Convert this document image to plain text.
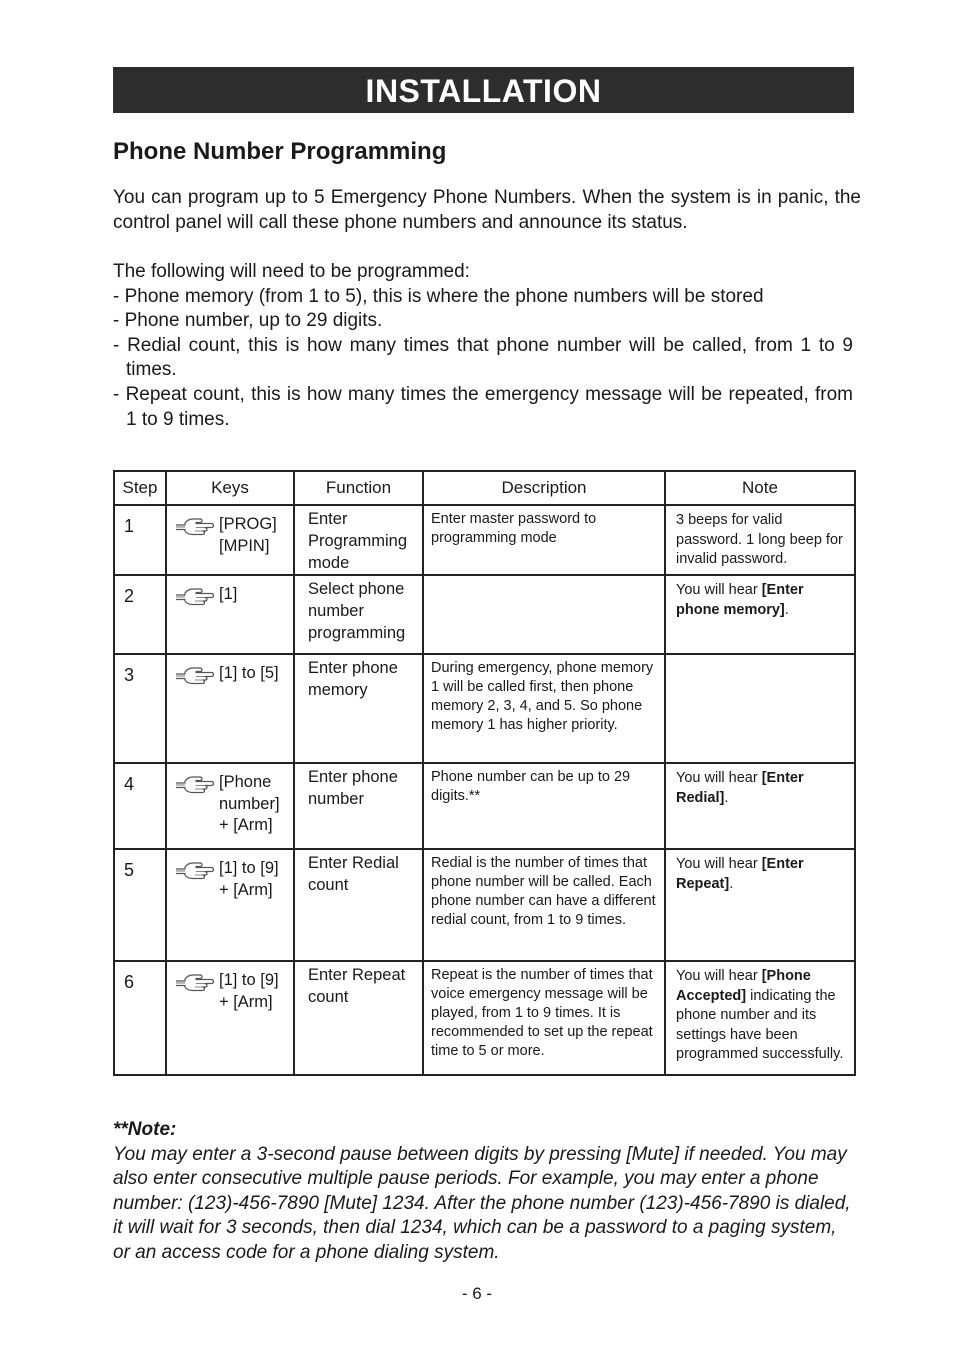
INSTALLATION
Phone Number Programming

You can program up to 5 Emergency Phone Numbers. When the system is in panic, the control panel will call these phone numbers and announce its status.

The following will need to be programmed:

- Phone memory (from 1 to 5), this is where the phone numbers will be stored
- Phone number, up to 29 digits.
- Redial count, this is how many times that phone number will be called, from 1 to 9 times.
- Repeat count, this is how many times the emergency message will be repeated, from 1 to 9 times.
Step	Keys	Function	Description	Note

1	[PROG]
[MPIN]	Enter Programming mode	Enter master password to programming mode	3 beeps for valid password. 1 long beep for invalid password.

2	[1]	Select phone number programming		You will hear [Enter phone memory].

3	[1] to [5]	Enter phone memory	During emergency, phone memory 1 will be called first, then phone memory 2, 3, 4, and 5. So phone memory 1 has higher priority.	

4	[Phone
number]
+ [Arm]	Enter phone number	Phone number can be up to 29 digits.**	You will hear [Enter Redial].

5	[1] to [9]
+ [Arm]	Enter Redial count	Redial is the number of times that phone number will be called. Each phone number can have a different redial count, from 1 to 9 times.	You will hear [Enter Repeat].

6	[1] to [9]
+ [Arm]	Enter Repeat count	Repeat is the number of times that voice emergency message will be played, from 1 to 9 times. It is recommended to set up the repeat time to 5 or more.	You will hear [Phone Accepted] indicating the phone number and its settings have been programmed successfully.

**Note:

You may enter a 3-second pause between digits by pressing [Mute] if needed. You may also enter consecutive multiple pause periods. For example, you may enter a phone number: (123)-456-7890 [Mute] 1234. After the phone number (123)-456-7890 is dialed, it will wait for 3 seconds, then dial 1234, which can be a password to a paging system, or an access code for a phone dialing system.

- 6 -
